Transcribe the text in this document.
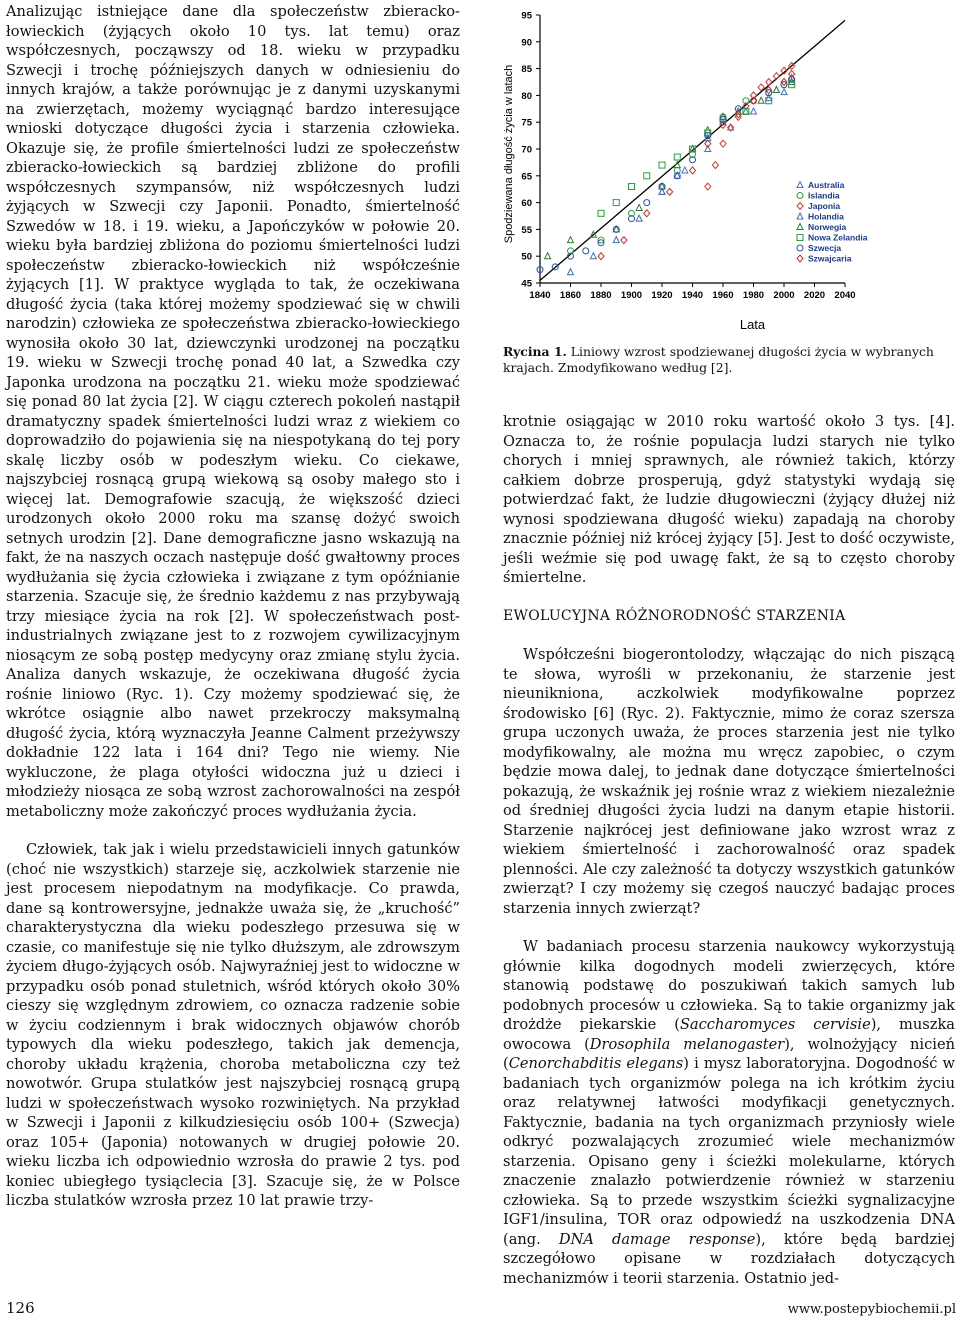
Analizując istniejące dane dla społeczeństw zbieracko-łowieckich (żyjących około 10 tys. lat temu) oraz współczesnych, począwszy od 18. wieku w przypadku Szwecji i trochę późniejszych danych w odniesieniu do innych krajów, a także porównując je z danymi uzyskanymi na zwierzętach, możemy wyciągnąć bardzo interesujące wnioski dotyczące długości życia i starzenia człowieka. Okazuje się, że profile śmiertelności ludzi ze społeczeństw zbieracko-łowieckich są bardziej zbliżone do profili współczesnych szympansów, niż współczesnych ludzi żyjących w Szwecji czy Japonii. Ponadto, śmiertelność Szwedów w 18. i 19. wieku, a Japończyków w połowie 20. wieku była bardziej zbliżona do poziomu śmiertelności ludzi społeczeństw zbieracko-łowieckich niż współcześnie żyjących [1]. W praktyce wygląda to tak, że oczekiwana długość życia (taka której możemy spodziewać się w chwili narodzin) człowieka ze społeczeństwa zbieracko-łowieckiego wynosiła około 30 lat, dziewczynki urodzonej na początku 19. wieku w Szwecji trochę ponad 40 lat, a Szwedka czy Japonka urodzona na początku 21. wieku może spodziewać się ponad 80 lat życia [2]. W ciągu czterech pokoleń nastąpił dramatyczny spadek śmiertelności ludzi wraz z wiekiem co doprowadziło do pojawienia się na niespotykaną do tej pory skalę liczby osób w podeszłym wieku. Co ciekawe, najszybciej rosnącą grupą wiekową są osoby małego sto i więcej lat. Demografowie szacują, że większość dzieci urodzonych około 2000 roku ma szansę dożyć swoich setnych urodzin [2]. Dane demograficzne jasno wskazują na fakt, że na naszych oczach następuje dość gwałtowny proces wydłużania się życia człowieka i związane z tym opóźnianie starzenia. Szacuje się, że średnio każdemu z nas przybywają trzy miesiące życia na rok [2]. W społeczeństwach post-industrialnych związane jest to z rozwojem cywilizacyjnym niosącym ze sobą postęp medycyny oraz zmianę stylu życia. Analiza danych wskazuje, że oczekiwana długość życia rośnie liniowo (Ryc. 1). Czy możemy spodziewać się, że wkrótce osiągnie albo nawet przekroczy maksymalną długość życia, którą wyznaczyła Jeanne Calment przeżywszy dokładnie 122 lata i 164 dni? Tego nie wiemy. Nie wykluczone, że plaga otyłości widoczna już u dzieci i młodzieży niosąca ze sobą wzrost zachorowalności na zespół metaboliczny może zakończyć proces wydłużania życia.

Człowiek, tak jak i wielu przedstawicieli innych gatunków (choć nie wszystkich) starzeje się, aczkolwiek starzenie nie jest procesem niepodatnym na modyfikacje. Co prawda, dane są kontrowersyjne, jednakże uważa się, że „kruchość” charakterystyczna dla wieku podeszłego przesuwa się w czasie, co manifestuje się nie tylko dłuższym, ale zdrowszym życiem długo-żyjących osób. Najwyraźniej jest to widoczne w przypadku osób ponad stuletnich, wśród których około 30% cieszy się względnym zdrowiem, co oznacza radzenie sobie w życiu codziennym i brak widocznych objawów chorób typowych dla wieku podeszłego, takich jak demencja, choroby układu krążenia, choroba metaboliczna czy też nowotwór. Grupa stulatków jest najszybciej rosnącą grupą ludzi w społeczeństwach wysoko rozwiniętych. Na przykład w Szwecji i Japonii z kilkudziesięciu osób 100+ (Szwecja) oraz 105+ (Japonia) notowanych w drugiej połowie 20. wieku liczba ich odpowiednio wzrosła do prawie 2 tys. pod koniec ubiegłego tysiąclecia [3]. Szacuje się, że w Polsce liczba stulatków wzrosła przez 10 lat prawie trzy-

1840 1860 1880 1900 1920 1940 1960 1980 2000 2020 2040
45
50
55
60
65
70
75
80
85
90
95
Lata
Spodziewana długość życia w latach	Australia
Islandia
Japonia
Holandia
Norwegia
Nowa Zelandia
Szwecja
Szwajcaria
Rycina 1. Liniowy wzrost spodziewanej długości życia w wybranych krajach. Zmodyfikowano według [2].

krotnie osiągając w 2010 roku wartość około 3 tys. [4]. Oznacza to, że rośnie populacja ludzi starych nie tylko chorych i mniej sprawnych, ale również takich, którzy całkiem dobrze prosperują, gdyż statystyki wydają się potwierdzać fakt, że ludzie długowieczni (żyjący dłużej niż wynosi spodziewana długość wieku) zapadają na choroby znacznie później niż krócej żyjący [5]. Jest to dość oczywiste, jeśli weźmie się pod uwagę fakt, że są to często choroby śmiertelne.

EWOLUCYJNA RÓŻNORODNOŚĆ STARZENIA

Współcześni biogerontolodzy, włączając do nich piszącą te słowa, wyrośli w przekonaniu, że starzenie jest nieunikniona, aczkolwiek modyfikowalne poprzez środowisko [6] (Ryc. 2). Faktycznie, mimo że coraz szersza grupa uczonych uważa, że proces starzenia jest nie tylko modyfikowalny, ale można mu wręcz zapobiec, o czym będzie mowa dalej, to jednak dane dotyczące śmiertelności pokazują, że wskaźnik jej rośnie wraz z wiekiem niezależnie od średniej długości życia ludzi na danym etapie historii. Starzenie najkrócej jest definiowane jako wzrost wraz z wiekiem śmiertelność i zachorowalność oraz spadek plenności. Ale czy zależność ta dotyczy wszystkich gatunków zwierząt? I czy możemy się czegoś nauczyć badając proces starzenia innych zwierząt?

W badaniach procesu starzenia naukowcy wykorzystują głównie kilka dogodnych modeli zwierzęcych, które stanowią podstawę do poszukiwań takich samych lub podobnych procesów u człowieka. Są to takie organizmy jak drożdże piekarskie (Saccharomyces cervisie), muszka owocowa (Drosophila melanogaster), wolnożyjący nicień (Cenorchabditis elegans) i mysz laboratoryjna. Dogodność w badaniach tych organizmów polega na ich krótkim życiu oraz relatywnej łatwości modyfikacji genetycznych. Faktycznie, badania na tych organizmach przyniosły wiele odkryć pozwalających zrozumieć wiele mechanizmów starzenia. Opisano geny i ścieżki molekularne, których znaczenie znalazło potwierdzenie również w starzeniu człowieka. Są to przede wszystkim ścieżki sygnalizacyjne IGF1/insulina, TOR oraz odpowiedź na uszkodzenia DNA (ang. DNA damage response), które będą bardziej szczegółowo opisane w rozdziałach dotyczących mechanizmów i teorii starzenia. Ostatnio jed-

126	www.postepybiochemii.pl
